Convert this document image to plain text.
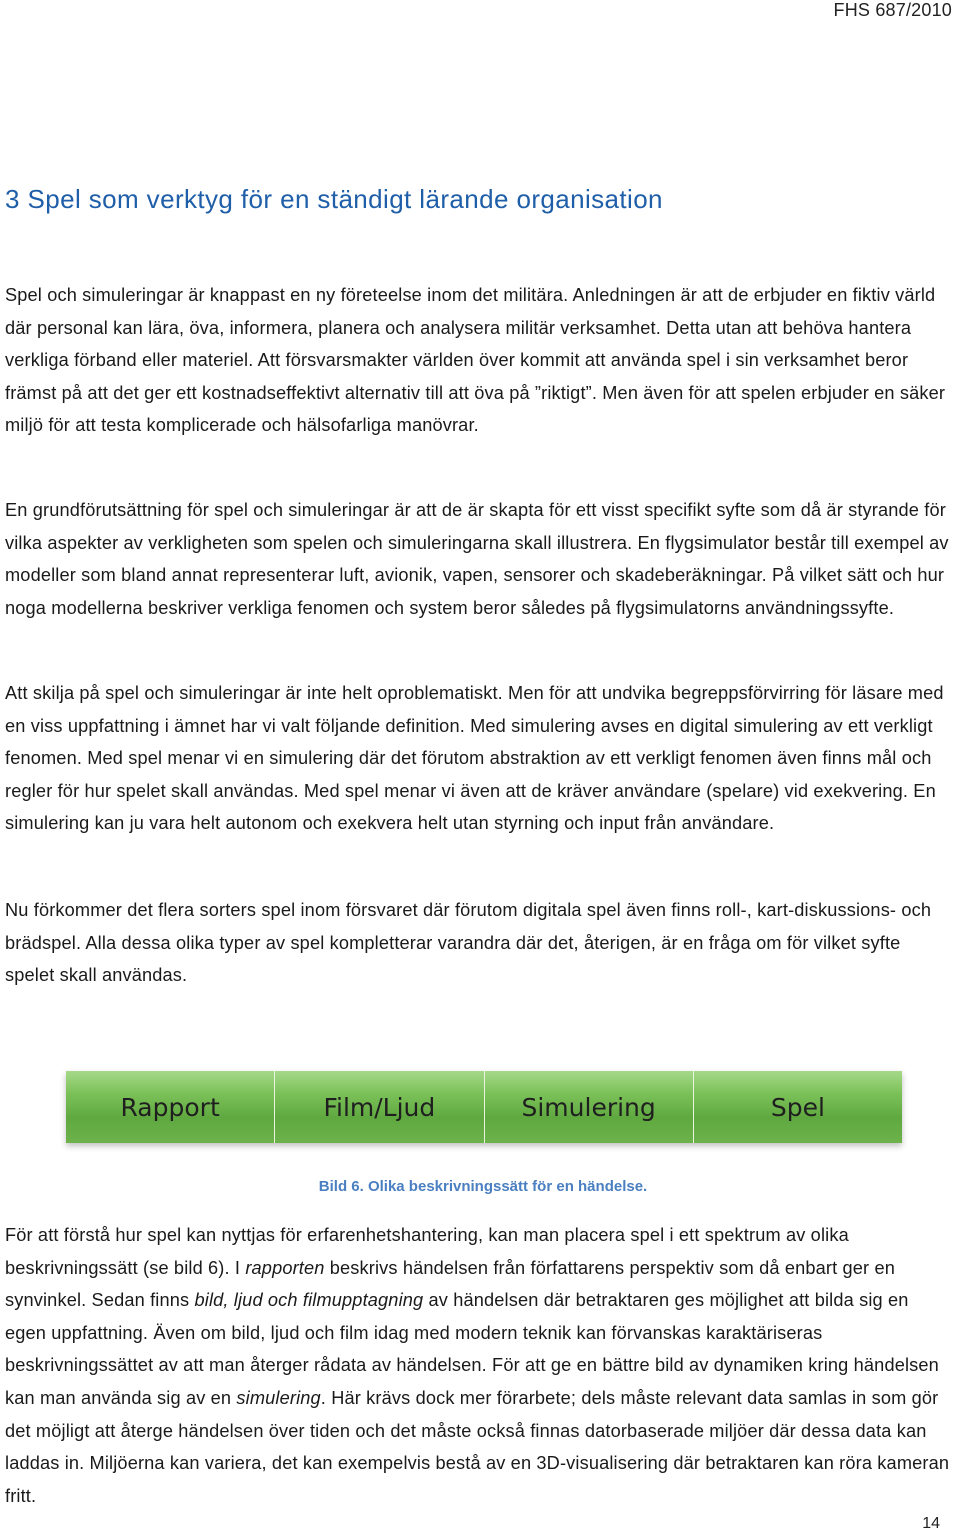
FHS 687/2010
3 Spel som verktyg för en ständigt lärande organisation

Spel och simuleringar är knappast en ny företeelse inom det militära. Anledningen är att de erbjuder en fiktiv värld där personal kan lära, öva, informera, planera och analysera militär verksamhet. Detta utan att behöva hantera verkliga förband eller materiel. Att försvarsmakter världen över kommit att använda spel i sin verksamhet beror främst på att det ger ett kostnadseffektivt alternativ till att öva på ”riktigt”. Men även för att spelen erbjuder en säker miljö för att testa komplicerade och hälsofarliga manövrar.

En grundförutsättning för spel och simuleringar är att de är skapta för ett visst specifikt syfte som då är styrande för vilka aspekter av verkligheten som spelen och simuleringarna skall illustrera. En flygsimulator består till exempel av modeller som bland annat representerar luft, avionik, vapen, sensorer och skadeberäkningar. På vilket sätt och hur noga modellerna beskriver verkliga fenomen och system beror således på flygsimulatorns användningssyfte.

Att skilja på spel och simuleringar är inte helt oproblematiskt. Men för att undvika begreppsförvirring för läsare med en viss uppfattning i ämnet har vi valt följande definition. Med simulering avses en digital simulering av ett verkligt fenomen. Med spel menar vi en simulering där det förutom abstraktion av ett verkligt fenomen även finns mål och regler för hur spelet skall användas. Med spel menar vi även att de kräver användare (spelare) vid exekvering. En simulering kan ju vara helt autonom och exekvera helt utan styrning och input från användare.

Nu förkommer det flera sorters spel inom försvaret där förutom digitala spel även finns roll-, kart-diskussions- och brädspel. Alla dessa olika typer av spel kompletterar varandra där det, återigen, är en fråga om för vilket syfte spelet skall användas.

Rapport	Film/Ljud	Simulering	Spel

Bild 6. Olika beskrivningssätt för en händelse.

För att förstå hur spel kan nyttjas för erfarenhetshantering, kan man placera spel i ett spektrum av olika beskrivningssätt (se bild 6). I rapporten beskrivs händelsen från författarens perspektiv som då enbart ger en synvinkel. Sedan finns bild, ljud och filmupptagning av händelsen där betraktaren ges möjlighet att bilda sig en egen uppfattning. Även om bild, ljud och film idag med modern teknik kan förvanskas karaktäriseras beskrivningssättet av att man återger rådata av händelsen. För att ge en bättre bild av dynamiken kring händelsen kan man använda sig av en simulering. Här krävs dock mer förarbete; dels måste relevant data samlas in som gör det möjligt att återge händelsen över tiden och det måste också finnas datorbaserade miljöer där dessa data kan laddas in. Miljöerna kan variera, det kan exempelvis bestå av en 3D-visualisering där betraktaren kan röra kameran fritt.

14
